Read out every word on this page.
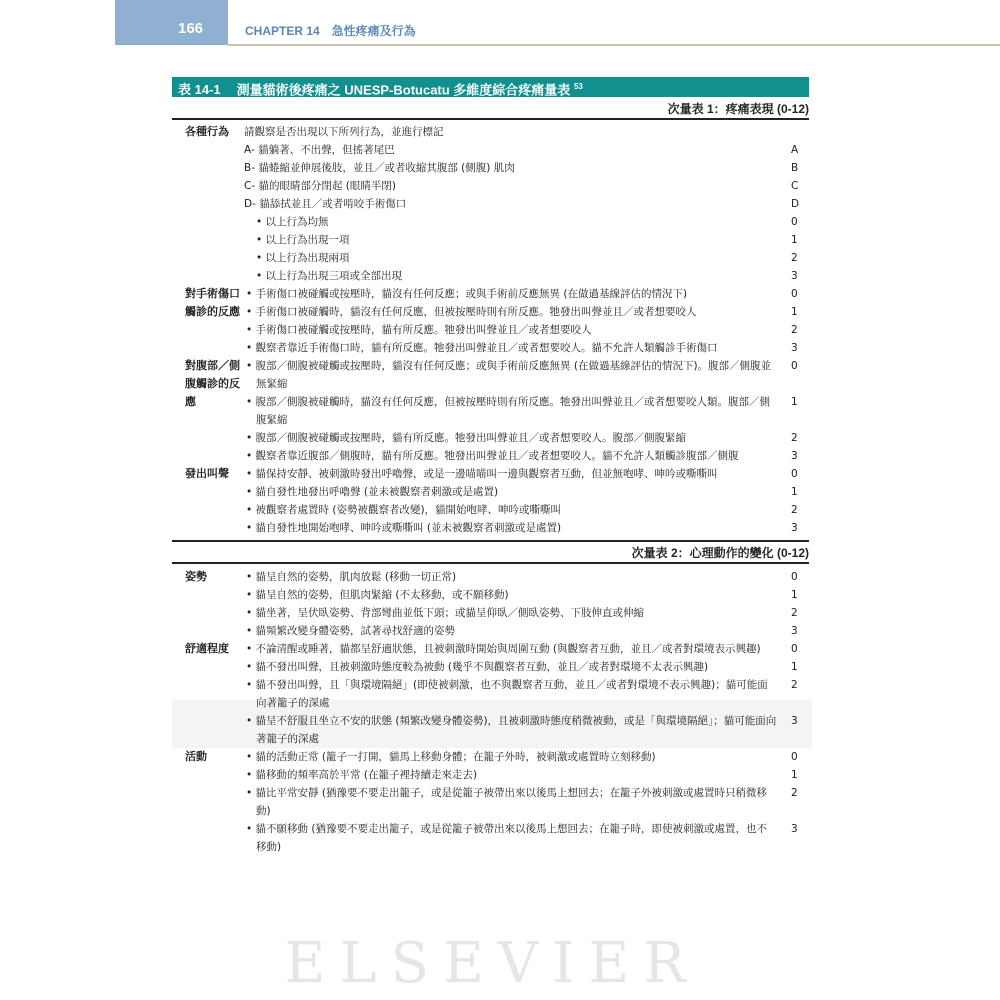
166	CHAPTER 14　急性疼痛及行為
ELSEVIER
表 14-1 測量貓術後疼痛之 UNESP-Botucatu 多維度綜合疼痛量表 $^{53}$
次量表 1：疼痛表現 (0-12)
各種行為	請觀察是否出現以下所列行為，並進行標記
A- 貓躺著、不出聲，但搖著尾巴	A
B- 貓蜷縮並伸展後肢，並且／或者收縮其腹部 (側腹) 肌肉	B
C- 貓的眼睛部分閉起 (眼睛半閉)	C
D- 貓舔拭並且／或者啃咬手術傷口	D
• 以上行為均無	0
• 以上行為出現一項	1
• 以上行為出現兩項	2
• 以上行為出現三項或全部出現	3
對手術傷口觸診的反應
• 手術傷口被碰觸或按壓時，貓沒有任何反應；或與手術前反應無異 (在做過基線評估的情況下)	0
• 手術傷口被碰觸時，貓沒有任何反應，但被按壓時則有所反應。牠發出叫聲並且／或者想要咬人	1
• 手術傷口被碰觸或按壓時，貓有所反應。牠發出叫聲並且／或者想要咬人	2
• 觀察者靠近手術傷口時，貓有所反應。牠發出叫聲並且／或者想要咬人。貓不允許人類觸診手術傷口	3
對腹部／側腹觸診的反應
• 腹部／側腹被碰觸或按壓時，貓沒有任何反應；或與手術前反應無異 (在做過基線評估的情況下)。腹部／側腹並無緊縮
0
• 腹部／側腹被碰觸時，貓沒有任何反應，但被按壓時則有所反應。牠發出叫聲並且／或者想要咬人類。腹部／側腹緊縮
1
• 腹部／側腹被碰觸或按壓時，貓有所反應。牠發出叫聲並且／或者想要咬人。腹部／側腹緊縮	2
• 觀察者靠近腹部／側腹時，貓有所反應。牠發出叫聲並且／或者想要咬人。貓不允許人類觸診腹部／側腹	3
發出叫聲	• 貓保持安靜、被刺激時發出呼嚕聲，或是一邊喵喵叫一邊與觀察者互動，但並無咆哮、呻吟或嘶嘶叫	0
• 貓自發性地發出呼嚕聲 (並未被觀察者刺激或是處置)	1
• 被觀察者處置時 (姿勢被觀察者改變)，貓開始咆哮、呻吟或嘶嘶叫	2
• 貓自發性地開始咆哮、呻吟或嘶嘶叫 (並未被觀察者刺激或是處置)	3
次量表 2：心理動作的變化 (0-12)
姿勢	• 貓呈自然的姿勢，肌肉放鬆 (移動一切正常)	0
• 貓呈自然的姿勢，但肌肉緊縮 (不太移動，或不願移動)	1
• 貓坐著，呈伏臥姿勢、背部彎曲並低下頭；或貓呈仰臥／側臥姿勢、下肢伸直或伸縮	2
• 貓頻繁改變身體姿勢，試著尋找舒適的姿勢	3
舒適程度	• 不論清醒或睡著，貓都呈舒適狀態，且被刺激時開始與周圍互動 (與觀察者互動，並且／或者對環境表示興趣)	0
• 貓不發出叫聲，且被刺激時態度較為被動 (幾乎不與觀察者互動，並且／或者對環境不太表示興趣)	1
• 貓不發出叫聲，且「與環境隔絕」(即使被刺激，也不與觀察者互動，並且／或者對環境不表示興趣)；貓可能面向著籠子的深處
2
• 貓呈不舒服且坐立不安的狀態 (頻繁改變身體姿勢)，且被刺激時態度稍微被動，或是「與環境隔絕」；貓可能面向著籠子的深處
3
活動	• 貓的活動正常 (籠子一打開，貓馬上移動身體；在籠子外時，被刺激或處置時立刻移動)	0
• 貓移動的頻率高於平常 (在籠子裡持續走來走去)	1
• 貓比平常安靜 (猶豫要不要走出籠子，或是從籠子被帶出來以後馬上想回去；在籠子外被刺激或處置時只稍微移動)
2
• 貓不願移動 (猶豫要不要走出籠子，或是從籠子被帶出來以後馬上想回去；在籠子時，即使被刺激或處置，也不移動)
3
